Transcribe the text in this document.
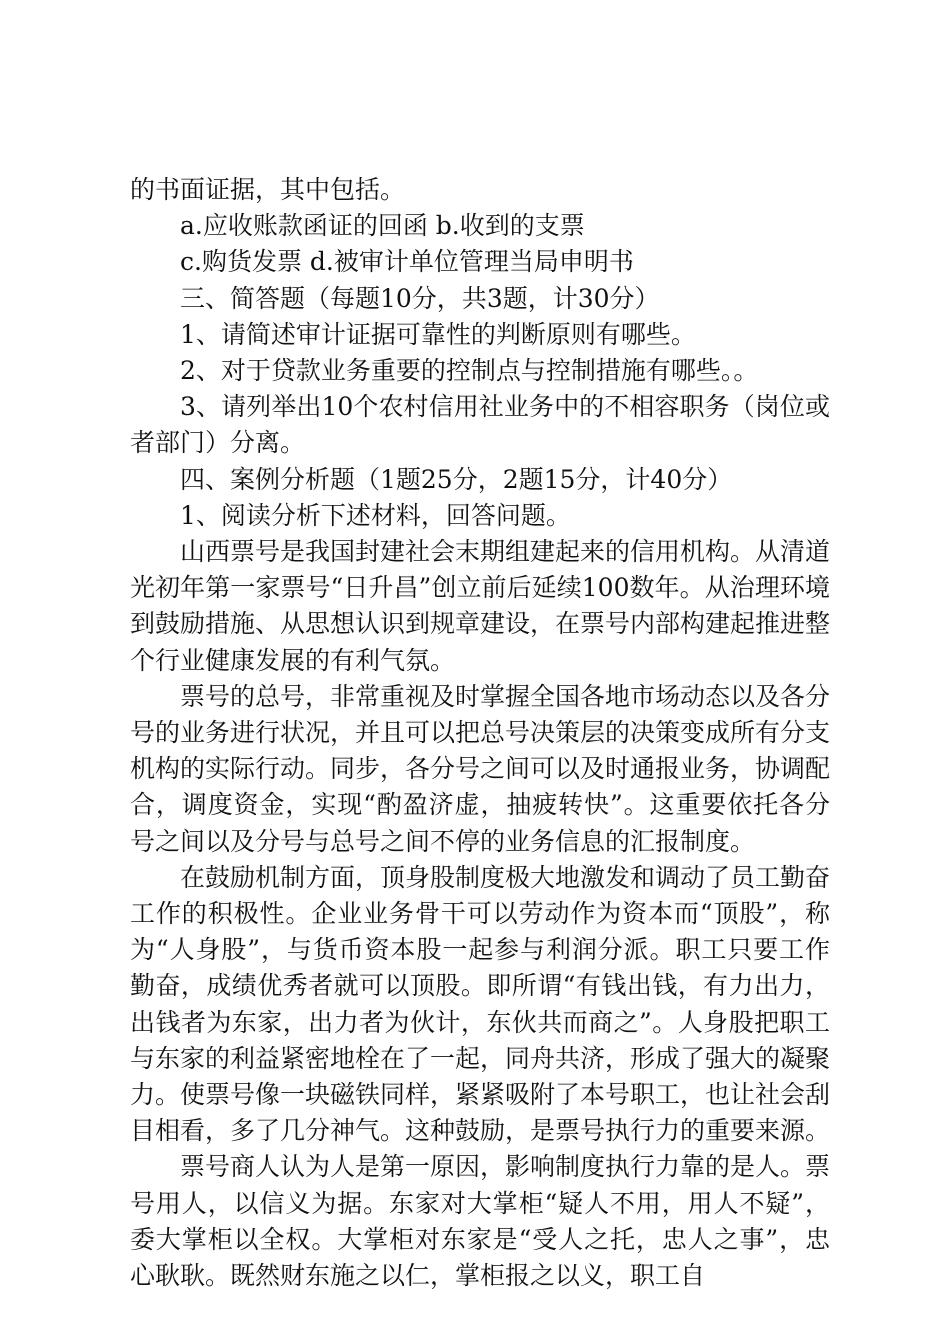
的书面证据，其中包括。

a.应收账款函证的回函 b.收到的支票

c.购货发票 d.被审计单位管理当局申明书

三、简答题（每题10分，共3题，计30分）

1、请简述审计证据可靠性的判断原则有哪些。

2、对于贷款业务重要的控制点与控制措施有哪些。。

3、请列举出10个农村信用社业务中的不相容职务（岗位或者部门）分离。

四、案例分析题（1题25分，2题15分，计40分）

1、阅读分析下述材料，回答问题。

山西票号是我国封建社会末期组建起来的信用机构。从清道光初年第一家票号“日升昌”创立前后延续100数年。从治理环境到鼓励措施、从思想认识到规章建设，在票号内部构建起推进整个行业健康发展的有利气氛。

票号的总号，非常重视及时掌握全国各地市场动态以及各分号的业务进行状况，并且可以把总号决策层的决策变成所有分支机构的实际行动。同步，各分号之间可以及时通报业务，协调配合，调度资金，实现“酌盈济虚，抽疲转快”。这重要依托各分号之间以及分号与总号之间不停的业务信息的汇报制度。

在鼓励机制方面，顶身股制度极大地激发和调动了员工勤奋工作的积极性。企业业务骨干可以劳动作为资本而“顶股”，称为“人身股”，与货币资本股一起参与利润分派。职工只要工作勤奋，成绩优秀者就可以顶股。即所谓“有钱出钱，有力出力，出钱者为东家，出力者为伙计，东伙共而商之”。人身股把职工与东家的利益紧密地栓在了一起，同舟共济，形成了强大的凝聚力。使票号像一块磁铁同样，紧紧吸附了本号职工，也让社会刮目相看，多了几分神气。这种鼓励，是票号执行力的重要来源。

票号商人认为人是第一原因，影响制度执行力靠的是人。票号用人，以信义为据。东家对大掌柜“疑人不用，用人不疑”，委大掌柜以全权。大掌柜对东家是“受人之托，忠人之事”，忠心耿耿。既然财东施之以仁，掌柜报之以义，职工自
